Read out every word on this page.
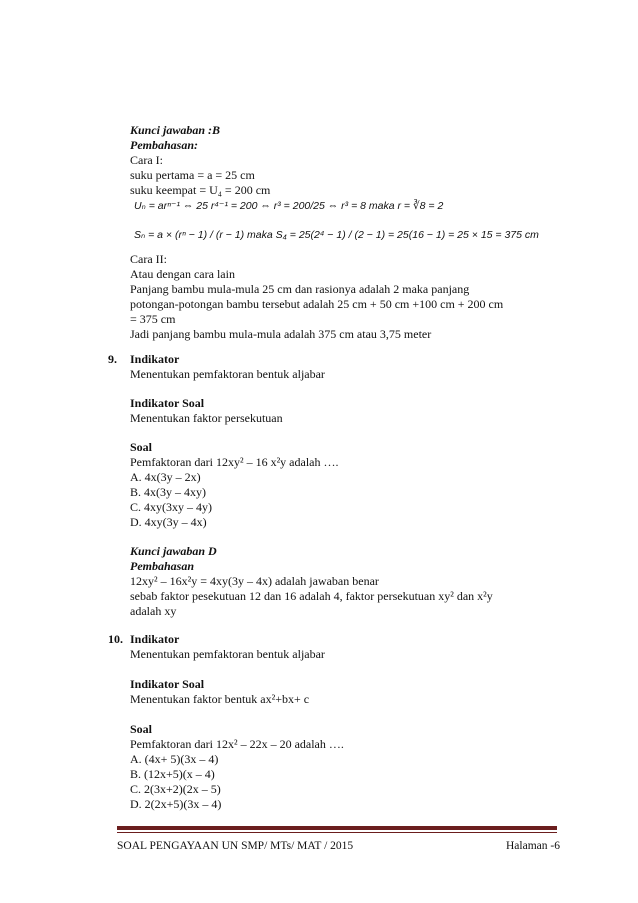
Kunci jawaban :B
Pembahasan:
Cara I:
suku pertama = a = 25 cm
suku keempat = U₄ = 200 cm
Uₙ = arⁿ⁻¹ ⇔ 25 r⁴⁻¹ = 200 ⇔ r³ = 200/25 ⇔ r³ = 8 maka r = ∛8 = 2
Sₙ = a × (rⁿ − 1) / (r − 1) maka S₄ = 25(2⁴ − 1) / (2 − 1) = 25(16 − 1) = 25 × 15 = 375 cm
Cara II:
Atau dengan cara lain
Panjang bambu mula-mula 25 cm dan rasionya adalah 2 maka panjang
potongan-potongan bambu tersebut adalah 25 cm + 50 cm +100 cm + 200 cm
= 375 cm
Jadi panjang bambu mula-mula adalah 375 cm atau 3,75 meter
9. Indikator
Menentukan pemfaktoran bentuk aljabar
Indikator Soal
Menentukan faktor persekutuan
Soal
Pemfaktoran dari 12xy² – 16 x²y adalah ….
A. 4x(3y – 2x)
B. 4x(3y – 4xy)
C. 4xy(3xy – 4y)
D. 4xy(3y – 4x)
Kunci jawaban D
Pembahasan
12xy² – 16x²y = 4xy(3y – 4x) adalah jawaban benar
sebab faktor pesekutuan 12 dan 16 adalah 4, faktor persekutuan xy² dan x²y
adalah xy
10. Indikator
Menentukan pemfaktoran bentuk aljabar
Indikator Soal
Menentukan faktor bentuk ax²+bx+ c
Soal
Pemfaktoran dari 12x² – 22x – 20 adalah ….
A. (4x+ 5)(3x – 4)
B. (12x+5)(x – 4)
C. 2(3x+2)(2x – 5)
D. 2(2x+5)(3x – 4)
SOAL PENGAYAAN UN SMP/ MTs/ MAT / 2015	Halaman -6
